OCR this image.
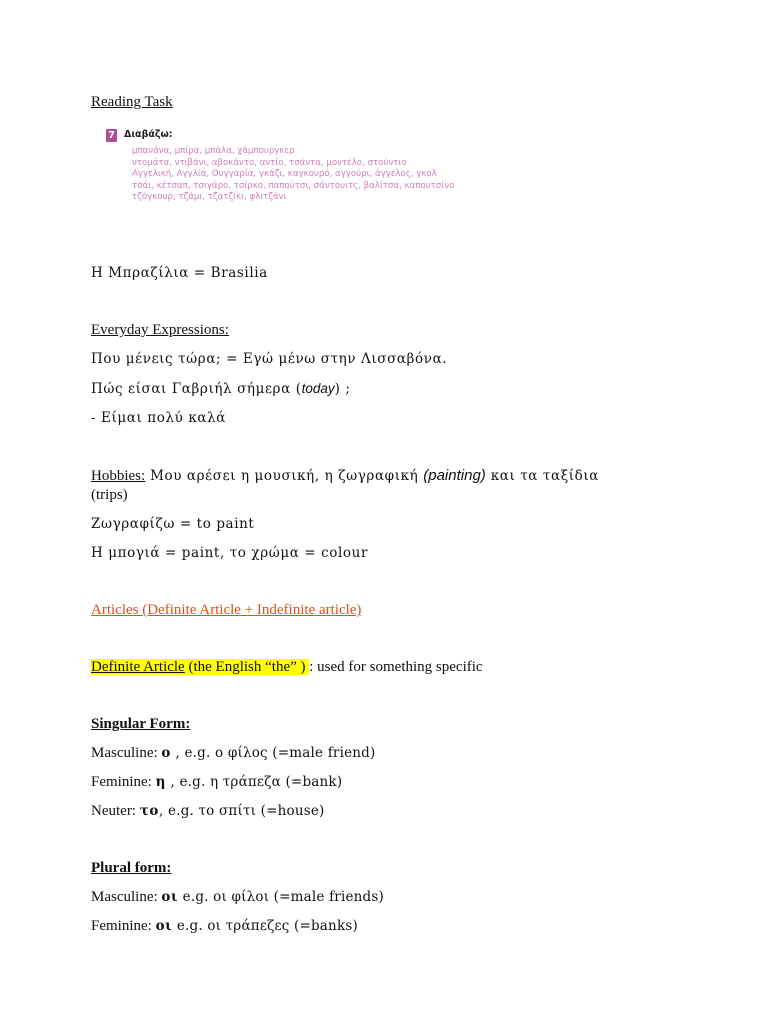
Reading Task
7 Διαβάζω:
μπανάνα, μπίρα, μπάλα, χάμπουργκερ
ντομάτα, ντιβάνι, αβοκάντο, αντίο, τσάντα, μοντέλο, στούντιο
Αγγελική, Αγγλία, Ουγγαρία, γκάζι, καγκουρό, αγγούρι, άγγελος, γκολ
τσάι, κέτσαπ, τσιγάρο, τσίρκο, παπούτσι, σάντουιτς, βαλίτσα, καπουτσίνο
τζόγκουρ, τζάμι, τζατζίκι, φλιτζάνι
Η Μπραζίλια = Brasilia
Everyday Expressions:
Που μένεις τώρα; = Εγώ μένω στην Λισσαβόνα.
Πώς είσαι Γαβριήλ σήμερα (today) ;
- Είμαι πολύ καλά
Hobbies: Μου αρέσει η μουσική, η ζωγραφική (painting) και τα ταξίδια
(trips)
Ζωγραφίζω = to paint
Η μπογιά = paint, το χρώμα = colour
Articles (Definite Article + Indefinite article)
Definite Article (the English “the” ) : used for something specific
Singular Form:
Masculine: ο , e.g. ο φίλος (=male friend)
Feminine: η , e.g. η τράπεζα (=bank)
Neuter: το, e.g. το σπίτι (=house)
Plural form:
Masculine: οι e.g. οι φίλοι (=male friends)
Feminine: οι e.g. οι τράπεζες (=banks)
